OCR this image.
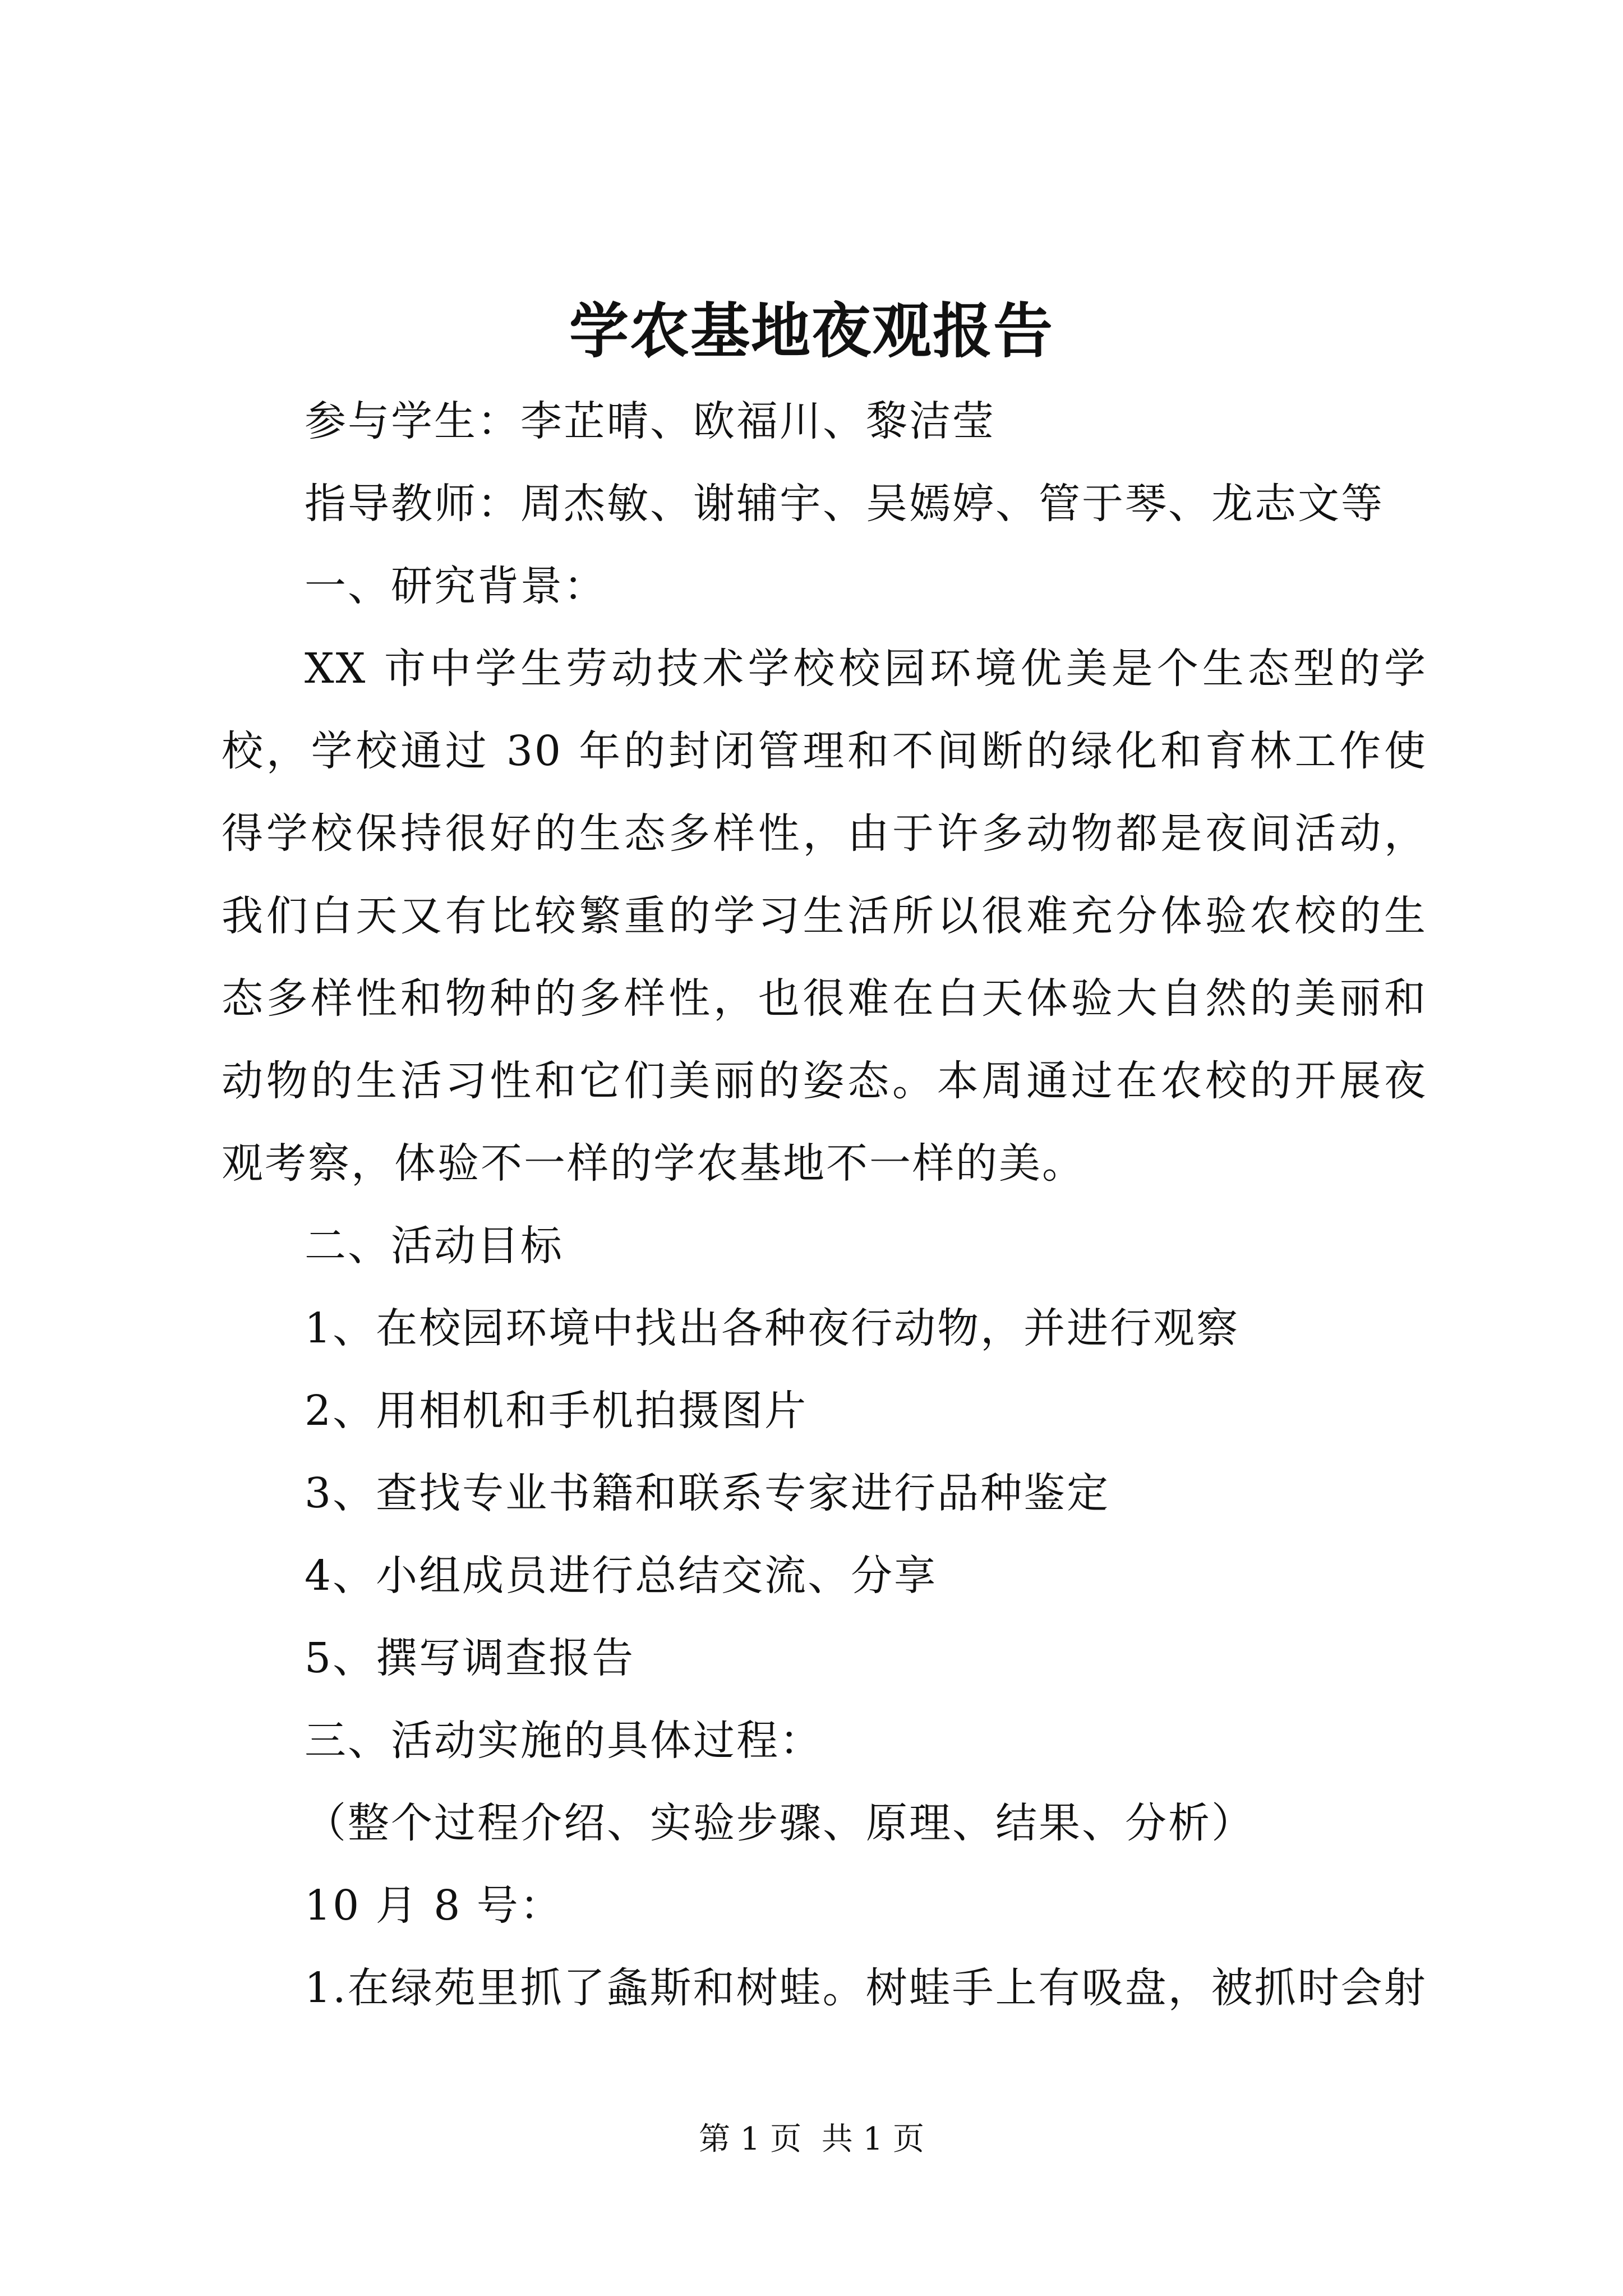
学农基地夜观报告
参与学生：李芷晴、欧福川、黎洁莹
指导教师：周杰敏、谢辅宇、吴嫣婷、管于琴、龙志文等
一、研究背景：
XX 市中学生劳动技术学校校园环境优美是个生态型的学校，学校通过 30 年的封闭管理和不间断的绿化和育林工作使得学校保持很好的生态多样性，由于许多动物都是夜间活动，我们白天又有比较繁重的学习生活所以很难充分体验农校的生态多样性和物种的多样性，也很难在白天体验大自然的美丽和动物的生活习性和它们美丽的姿态。本周通过在农校的开展夜观考察，体验不一样的学农基地不一样的美。
二、活动目标
1、在校园环境中找出各种夜行动物，并进行观察
2、用相机和手机拍摄图片
3、查找专业书籍和联系专家进行品种鉴定
4、小组成员进行总结交流、分享
5、撰写调查报告
三、活动实施的具体过程：
（整个过程介绍、实验步骤、原理、结果、分析）
10 月 8 号：
1.在绿苑里抓了螽斯和树蛙。树蛙手上有吸盘，被抓时会射
第 1 页  共 1 页
